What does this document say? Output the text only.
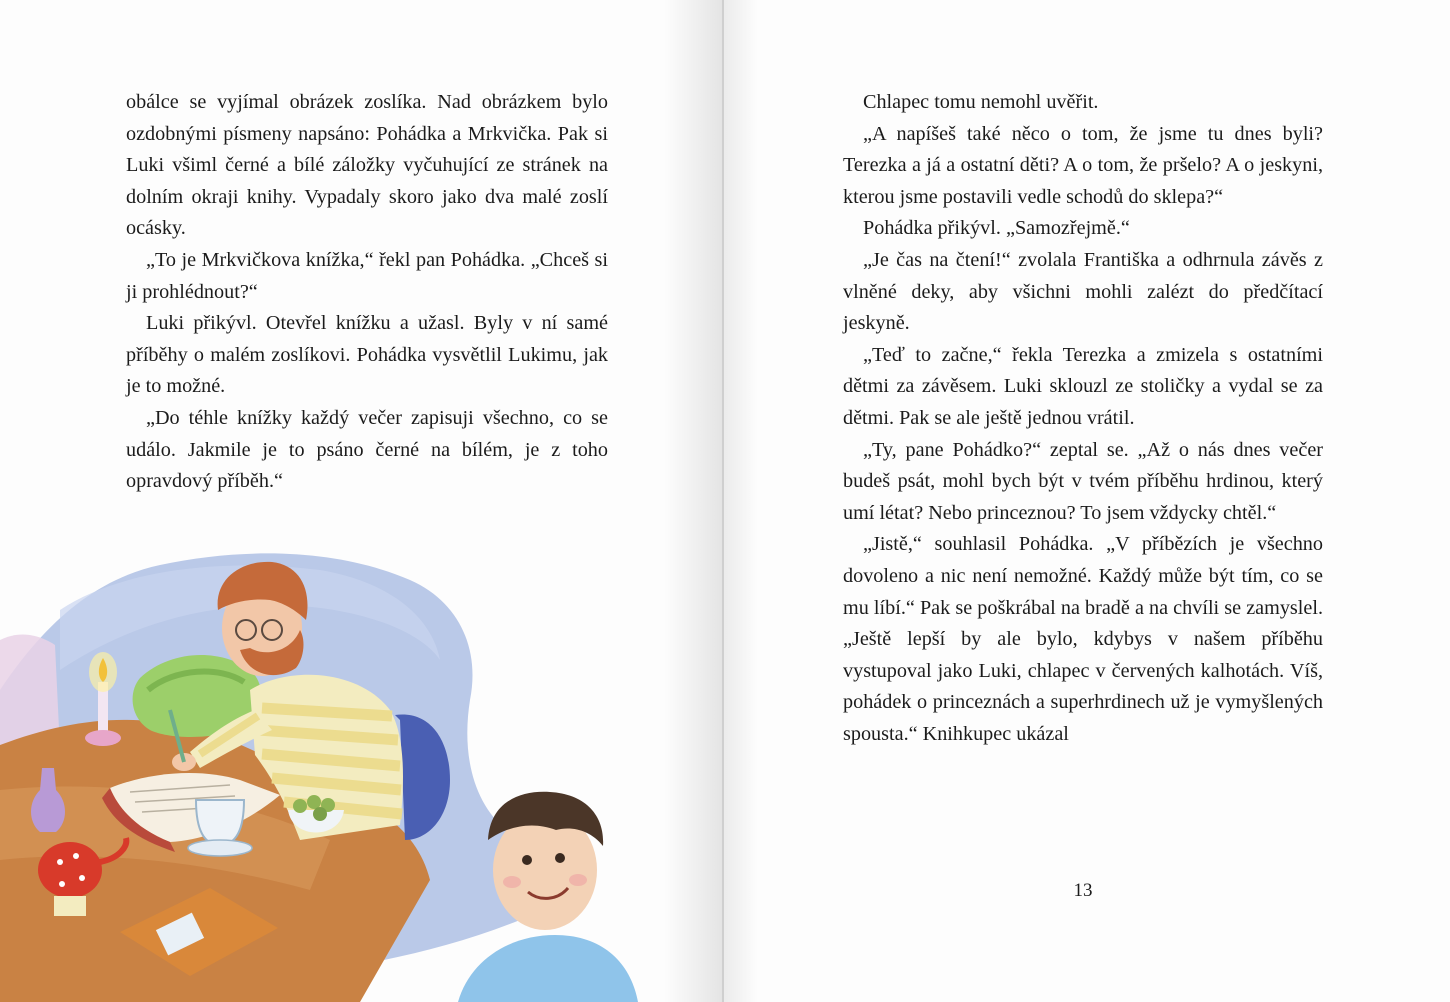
obálce se vyjímal obrázek zoslíka. Nad obrázkem bylo ozdobnými písmeny napsáno: Pohádka a Mrkvička. Pak si Luki všiml černé a bílé záložky vyčuhující ze stránek na dolním okraji knihy. Vypadaly skoro jako dva malé zoslí ocásky.

„To je Mrkvičkova knížka,“ řekl pan Pohádka. „Chceš si ji prohlédnout?“

Luki přikývl. Otevřel knížku a užasl. Byly v ní samé příběhy o malém zoslíkovi. Pohádka vysvětlil Lukimu, jak je to možné.

„Do téhle knížky každý večer zapisuji všechno, co se událo. Jakmile je to psáno černé na bílém, je z toho opravdový příběh.“

Chlapec tomu nemohl uvěřit.

„A napíšeš také něco o tom, že jsme tu dnes byli? Terezka a já a ostatní děti? A o tom, že pršelo? A o jeskyni, kterou jsme postavili vedle schodů do sklepa?“

Pohádka přikývl. „Samozřejmě.“

„Je čas na čtení!“ zvolala Františka a odhrnula závěs z vlněné deky, aby všichni mohli zalézt do předčítací jeskyně.

„Teď to začne,“ řekla Terezka a zmizela s ostatními dětmi za závěsem. Luki sklouzl ze stoličky a vydal se za dětmi. Pak se ale ještě jednou vrátil.

„Ty, pane Pohádko?“ zeptal se. „Až o nás dnes večer budeš psát, mohl bych být v tvém příběhu hrdinou, který umí létat? Nebo princeznou? To jsem vždycky chtěl.“

„Jistě,“ souhlasil Pohádka. „V příbězích je všechno dovoleno a nic není nemožné. Každý může být tím, co se mu líbí.“ Pak se poškrábal na bradě a na chvíli se zamyslel. „Ještě lepší by ale bylo, kdybys v našem příběhu vystupoval jako Luki, chlapec v červených kalhotách. Víš, pohádek o princeznách a superhrdinech už je vymyšlených spousta.“ Knihkupec ukázal

13
